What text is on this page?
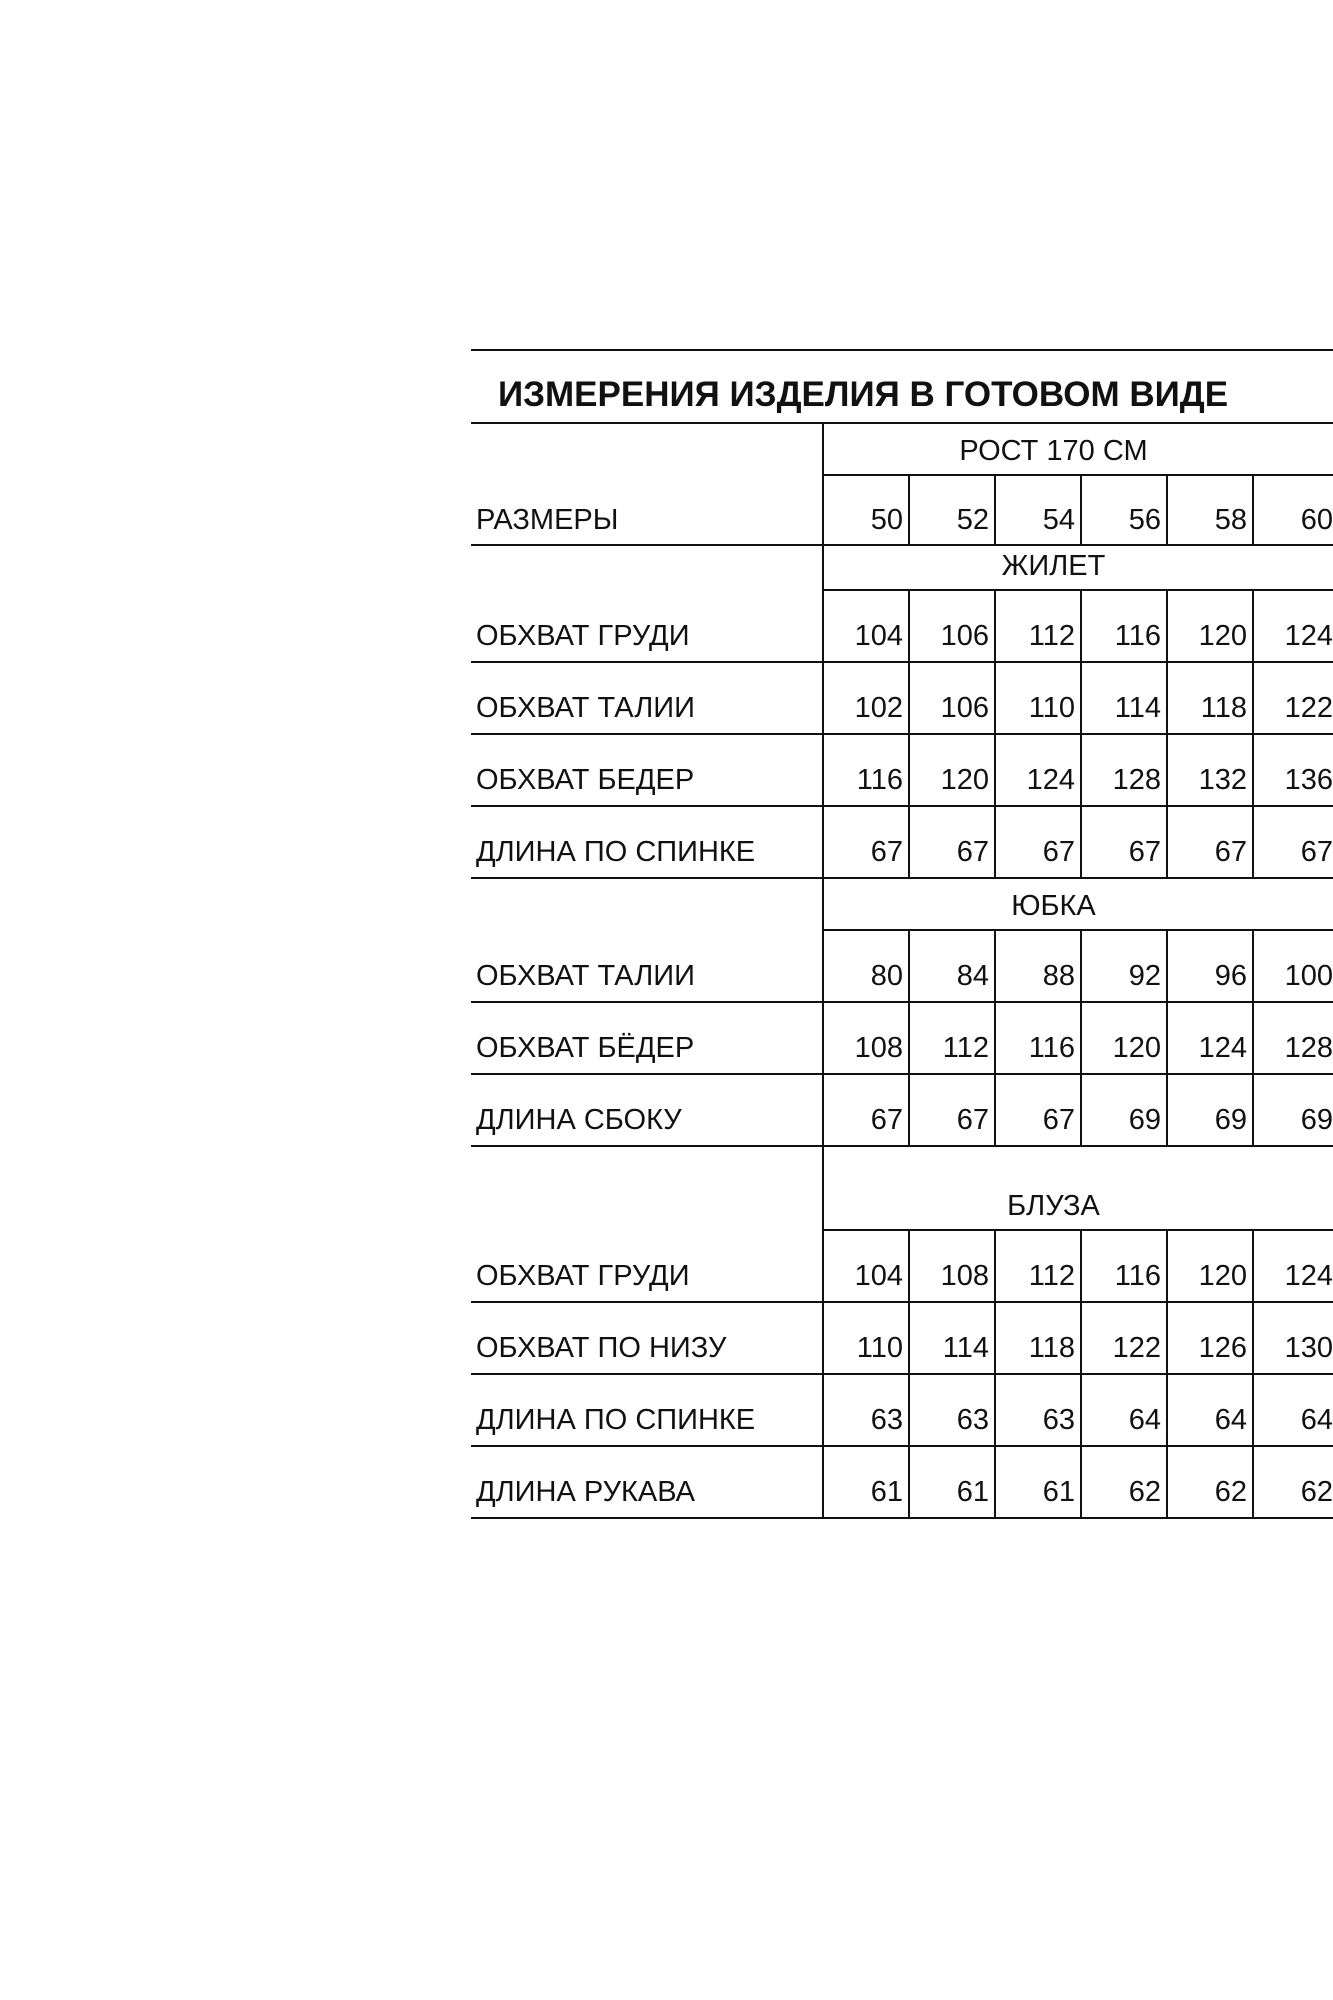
ИЗМЕРЕНИЯ ИЗДЕЛИЯ В ГОТОВОМ ВИДЕ
РОСТ 170 СМ
РАЗМЕРЫ	50	52	54	56	58	60
ЖИЛЕТ
ОБХВАТ ГРУДИ	104	106	112	116	120	124
ОБХВАТ ТАЛИИ	102	106	110	114	118	122
ОБХВАТ БЕДЕР	116	120	124	128	132	136
ДЛИНА ПО СПИНКЕ	67	67	67	67	67	67
ЮБКА
ОБХВАТ ТАЛИИ	80	84	88	92	96	100
ОБХВАТ БЁДЕР	108	112	116	120	124	128
ДЛИНА СБОКУ	67	67	67	69	69	69
БЛУЗА
ОБХВАТ ГРУДИ	104	108	112	116	120	124
ОБХВАТ ПО НИЗУ	110	114	118	122	126	130
ДЛИНА ПО СПИНКЕ	63	63	63	64	64	64
ДЛИНА РУКАВА	61	61	61	62	62	62
